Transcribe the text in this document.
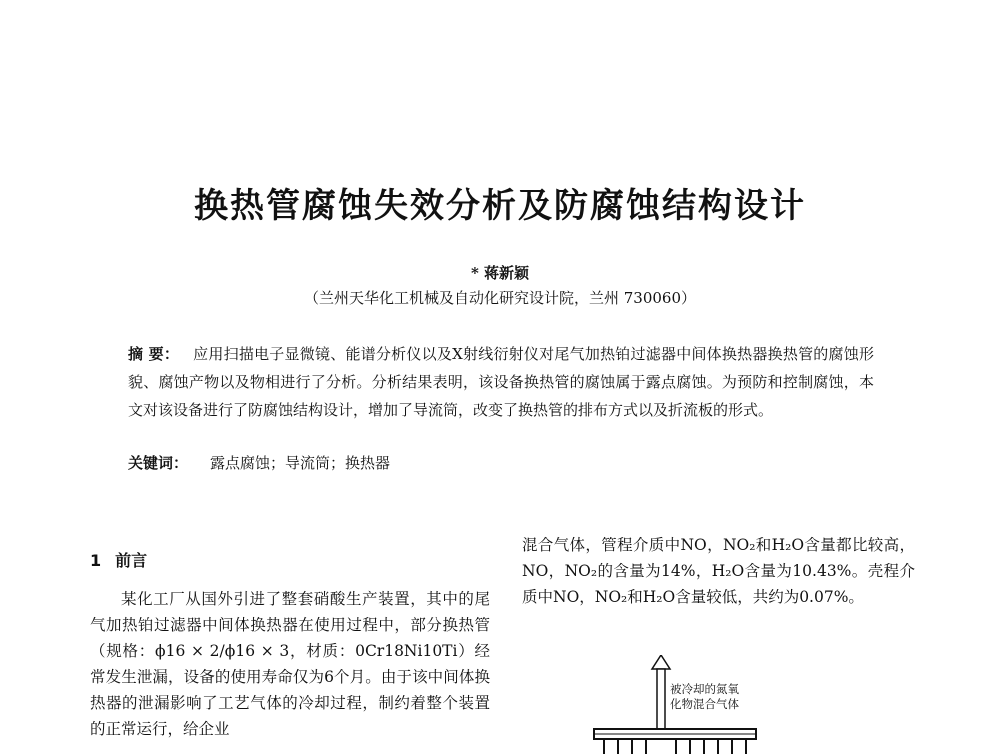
换热管腐蚀失效分析及防腐蚀结构设计
* 蒋新颖
（兰州天华化工机械及自动化研究设计院，兰州 730060）
摘 要： 应用扫描电子显微镜、能谱分析仪以及X射线衍射仪对尾气加热铂过滤器中间体换热器换热管的腐蚀形貌、腐蚀产物以及物相进行了分析。分析结果表明，该设备换热管的腐蚀属于露点腐蚀。为预防和控制腐蚀，本文对该设备进行了防腐蚀结构设计，增加了导流筒，改变了换热管的排布方式以及折流板的形式。
关键词： 露点腐蚀；导流筒；换热器
1 前言
某化工厂从国外引进了整套硝酸生产装置，其中的尾气加热铂过滤器中间体换热器在使用过程中，部分换热管（规格：ϕ16 × 2/ϕ16 × 3，材质：0Cr18Ni10Ti）经常发生泄漏，设备的使用寿命仅为6个月。由于该中间体换热器的泄漏影响了工艺气体的冷却过程，制约着整个装置的正常运行，给企业
混合气体，管程介质中NO，NO₂和H₂O含量都比较高，NO，NO₂的含量为14%，H₂O含量为10.43%。壳程介质中NO，NO₂和H₂O含量较低，共约为0.07%。
被冷却的氮氧
化物混合气体
